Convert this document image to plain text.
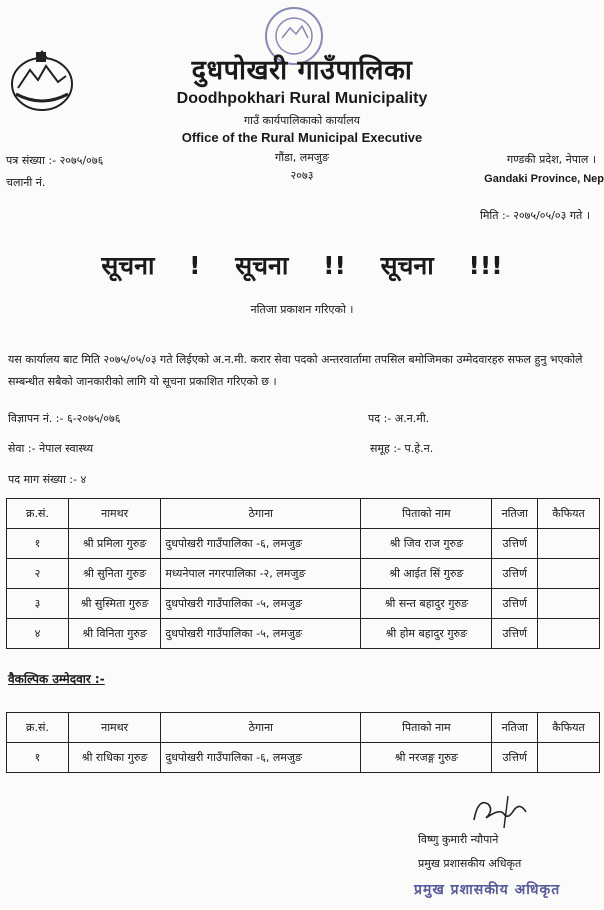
दुधपोखरी गाउँपालिका
Doodhpokhari Rural Municipality
गाउँ कार्यपालिकाको कार्यालय
Office of the Rural Municipal Executive
गौंडा, लमजुङ
२०७३
पत्र संख्या :- २०७५/०७६
चलानी नं.
गण्डकी प्रदेश, नेपाल ।
Gandaki Province, Nep
मिति :- २०७५/०५/०३ गते ।
सूचना ! सूचना !! सूचना !!!
नतिजा प्रकाशन गरिएको ।
यस कार्यालय बाट मिति २०७५/०५/०३ गते लिईएको अ.न.मी. करार सेवा पदको अन्तरवार्तामा तपसिल बमोजिमका उम्मेदवारहरु सफल हुनु भएकोले सम्बन्धीत सबैको जानकारीको लागि यो सूचना प्रकाशित गरिएको छ ।
विज्ञापन नं. :- ६-२०७५/०७६	पद :- अ.न.मी.
सेवा :- नेपाल स्वास्थ्य	समूह :- प.हे.न.
पद माग संख्या :- ४
क्र.सं.	नामथर	ठेगाना	पिताको नाम	नतिजा	कैफियत
१	श्री प्रमिला गुरुङ	दुधपोखरी गाउँपालिका -६, लमजुङ	श्री जिव राज गुरुङ	उत्तिर्ण	
२	श्री सुनिता गुरुङ	मध्यनेपाल नगरपालिका -२, लमजुङ	श्री आईत सिं गुरुङ	उत्तिर्ण	
३	श्री सुस्मिता गुरुङ	दुधपोखरी गाउँपालिका -५, लमजुङ	श्री सन्त बहादुर गुरुङ	उत्तिर्ण	
४	श्री विनिता गुरुङ	दुधपोखरी गाउँपालिका -५, लमजुङ	श्री होम बहादुर गुरुङ	उत्तिर्ण	
वैकल्पिक उम्मेदवार :-
क्र.सं.	नामथर	ठेगाना	पिताको नाम	नतिजा	कैफियत
१	श्री राधिका गुरुङ	दुधपोखरी गाउँपालिका -६, लमजुङ	श्री नरजङ्ग गुरुङ	उत्तिर्ण	
विष्णु कुमारी न्यौपाने
प्रमुख प्रशासकीय अधिकृत
प्रमुख प्रशासकीय अधिकृत
